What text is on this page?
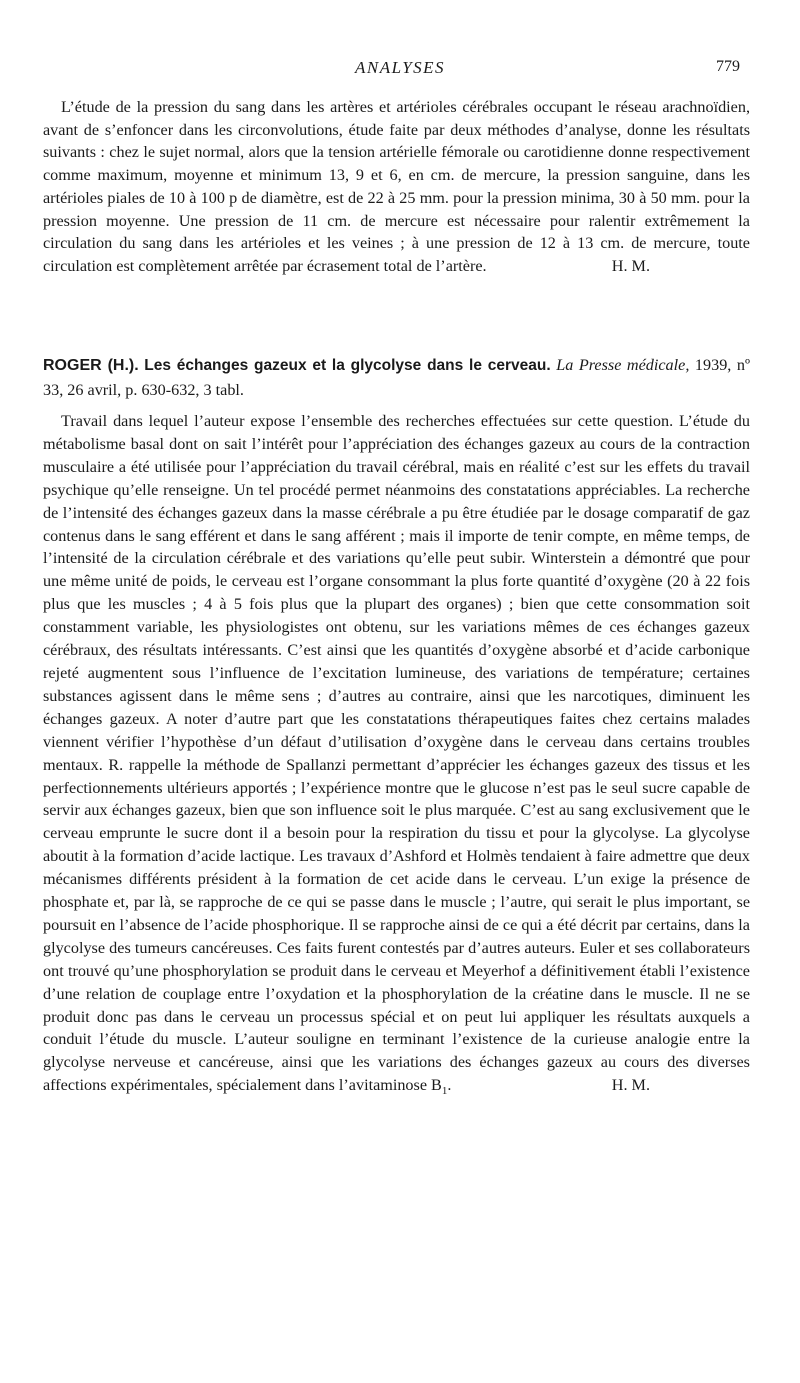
ANALYSES	779

L’étude de la pression du sang dans les artères et artérioles cérébrales occupant le réseau arachnoïdien, avant de s’enfoncer dans les circonvolutions, étude faite par deux méthodes d’analyse, donne les résultats suivants : chez le sujet normal, alors que la tension artérielle fémorale ou carotidienne donne respectivement comme maximum, moyenne et minimum 13, 9 et 6, en cm. de mercure, la pression sanguine, dans les artérioles piales de 10 à 100 p de diamètre, est de 22 à 25 mm. pour la pression minima, 30 à 50 mm. pour la pression moyenne. Une pression de 11 cm. de mercure est nécessaire pour ralentir extrêmement la circulation du sang dans les artérioles et les veines ; à une pression de 12 à 13 cm. de mercure, toute circulation est complètement arrêtée par écrasement total de l’artère.	H. M.

ROGER (H.). Les échanges gazeux et la glycolyse dans le cerveau. La Presse médicale, 1939, nº 33, 26 avril, p. 630-632, 3 tabl.

Travail dans lequel l’auteur expose l’ensemble des recherches effectuées sur cette question. L’étude du métabolisme basal dont on sait l’intérêt pour l’appréciation des échanges gazeux au cours de la contraction musculaire a été utilisée pour l’appréciation du travail cérébral, mais en réalité c’est sur les effets du travail psychique qu’elle renseigne. Un tel procédé permet néanmoins des constatations appréciables. La recherche de l’intensité des échanges gazeux dans la masse cérébrale a pu être étudiée par le dosage comparatif de gaz contenus dans le sang efférent et dans le sang afférent ; mais il importe de tenir compte, en même temps, de l’intensité de la circulation cérébrale et des variations qu’elle peut subir. Winterstein a démontré que pour une même unité de poids, le cerveau est l’organe consommant la plus forte quantité d’oxygène (20 à 22 fois plus que les muscles ; 4 à 5 fois plus que la plupart des organes) ; bien que cette consommation soit constamment variable, les physiologistes ont obtenu, sur les variations mêmes de ces échanges gazeux cérébraux, des résultats intéressants. C’est ainsi que les quantités d’oxygène absorbé et d’acide carbonique rejeté augmentent sous l’influence de l’excitation lumineuse, des variations de température; certaines substances agissent dans le même sens ; d’autres au contraire, ainsi que les narcotiques, diminuent les échanges gazeux. A noter d’autre part que les constatations thérapeutiques faites chez certains malades viennent vérifier l’hypothèse d’un défaut d’utilisation d’oxygène dans le cerveau dans certains troubles mentaux. R. rappelle la méthode de Spallanzi permettant d’apprécier les échanges gazeux des tissus et les perfectionnements ultérieurs apportés ; l’expérience montre que le glucose n’est pas le seul sucre capable de servir aux échanges gazeux, bien que son influence soit le plus marquée. C’est au sang exclusivement que le cerveau emprunte le sucre dont il a besoin pour la respiration du tissu et pour la glycolyse. La glycolyse aboutit à la formation d’acide lactique. Les travaux d’Ashford et Holmès tendaient à faire admettre que deux mécanismes différents président à la formation de cet acide dans le cerveau. L’un exige la présence de phosphate et, par là, se rapproche de ce qui se passe dans le muscle ; l’autre, qui serait le plus important, se poursuit en l’absence de l’acide phosphorique. Il se rapproche ainsi de ce qui a été décrit par certains, dans la glycolyse des tumeurs cancéreuses. Ces faits furent contestés par d’autres auteurs. Euler et ses collaborateurs ont trouvé qu’une phosphorylation se produit dans le cerveau et Meyerhof a définitivement établi l’existence d’une relation de couplage entre l’oxydation et la phosphorylation de la créatine dans le muscle. Il ne se produit donc pas dans le cerveau un processus spécial et on peut lui appliquer les résultats auxquels a conduit l’étude du muscle. L’auteur souligne en terminant l’existence de la curieuse analogie entre la glycolyse nerveuse et cancéreuse, ainsi que les variations des échanges gazeux au cours des diverses affections expérimentales, spécialement dans l’avitaminose $B_1$.	H. M.
